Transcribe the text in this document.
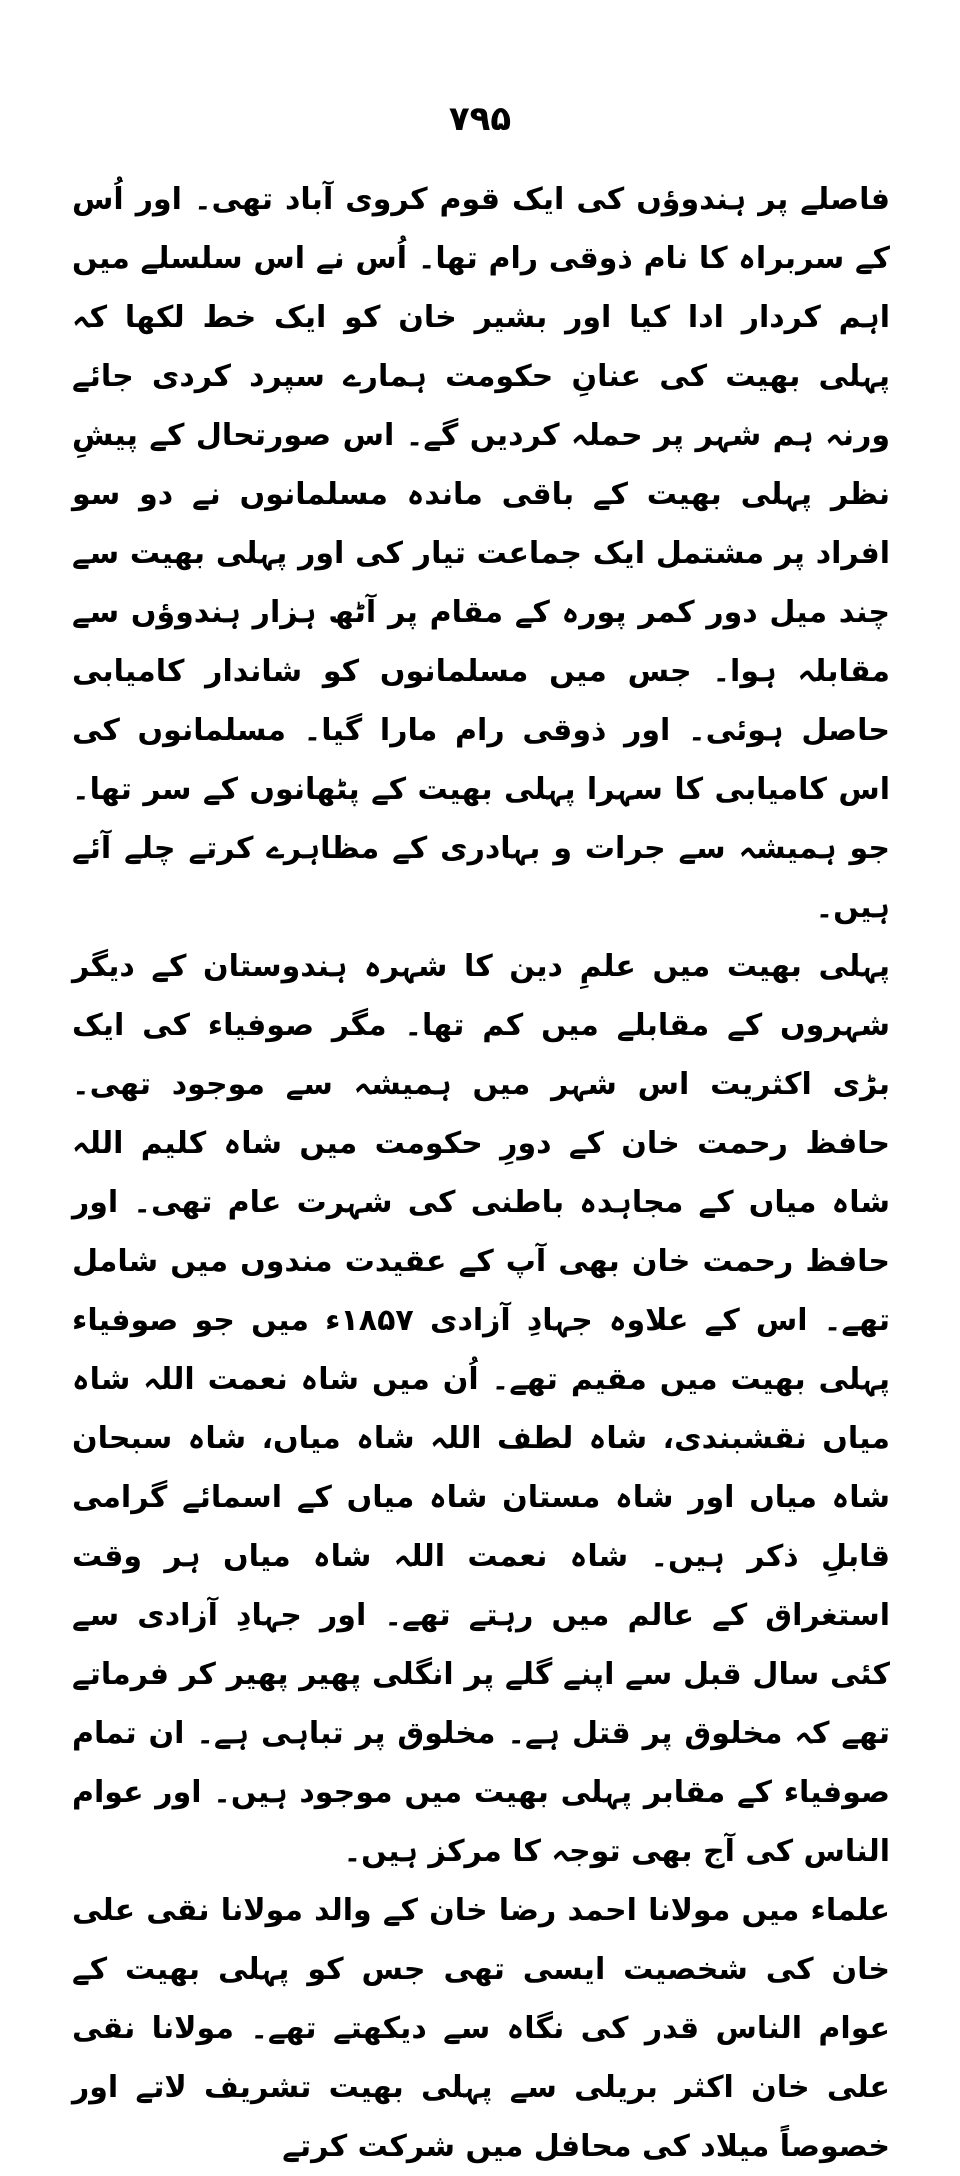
۷۹۵

فاصلے پر ہندوؤں کی ایک قوم کروی آباد تھی۔ اور اُس کے سربراہ کا نام ذوقی رام تھا۔ اُس نے اس سلسلے میں اہم کردار ادا کیا اور بشیر خان کو ایک خط لکھا کہ پہلی بھیت کی عنانِ حکومت ہمارے سپرد کردی جائے ورنہ ہم شہر پر حملہ کردیں گے۔ اس صورتحال کے پیشِ نظر پہلی بھیت کے باقی ماندہ مسلمانوں نے دو سو افراد پر مشتمل ایک جماعت تیار کی اور پہلی بھیت سے چند میل دور کمر پورہ کے مقام پر آٹھ ہزار ہندوؤں سے مقابلہ ہوا۔ جس میں مسلمانوں کو شاندار کامیابی حاصل ہوئی۔ اور ذوقی رام مارا گیا۔ مسلمانوں کی اس کامیابی کا سہرا پہلی بھیت کے پٹھانوں کے سر تھا۔ جو ہمیشہ سے جرات و بہادری کے مظاہرے کرتے چلے آئے ہیں۔

پہلی بھیت میں علمِ دین کا شہرہ ہندوستان کے دیگر شہروں کے مقابلے میں کم تھا۔ مگر صوفیاء کی ایک بڑی اکثریت اس شہر میں ہمیشہ سے موجود تھی۔ حافظ رحمت خان کے دورِ حکومت میں شاہ کلیم اللہ شاہ میاں کے مجاہدہ باطنی کی شہرت عام تھی۔ اور حافظ رحمت خان بھی آپ کے عقیدت مندوں میں شامل تھے۔ اس کے علاوہ جہادِ آزادی ۱۸۵۷ء میں جو صوفیاء پہلی بھیت میں مقیم تھے۔ اُن میں شاہ نعمت اللہ شاہ میاں نقشبندی، شاہ لطف اللہ شاہ میاں، شاہ سبحان شاہ میاں اور شاہ مستان شاہ میاں کے اسمائے گرامی قابلِ ذکر ہیں۔ شاہ نعمت اللہ شاہ میاں ہر وقت استغراق کے عالم میں رہتے تھے۔ اور جہادِ آزادی سے کئی سال قبل سے اپنے گلے پر انگلی پھیر پھیر کر فرماتے تھے کہ مخلوق پر قتل ہے۔ مخلوق پر تباہی ہے۔ ان تمام صوفیاء کے مقابر پہلی بھیت میں موجود ہیں۔ اور عوام الناس کی آج بھی توجہ کا مرکز ہیں۔

علماء میں مولانا احمد رضا خان کے والد مولانا نقی علی خان کی شخصیت ایسی تھی جس کو پہلی بھیت کے عوام الناس قدر کی نگاہ سے دیکھتے تھے۔ مولانا نقی علی خان اکثر بریلی سے پہلی بھیت تشریف لاتے اور خصوصاً میلاد کی محافل میں شرکت کرتے
